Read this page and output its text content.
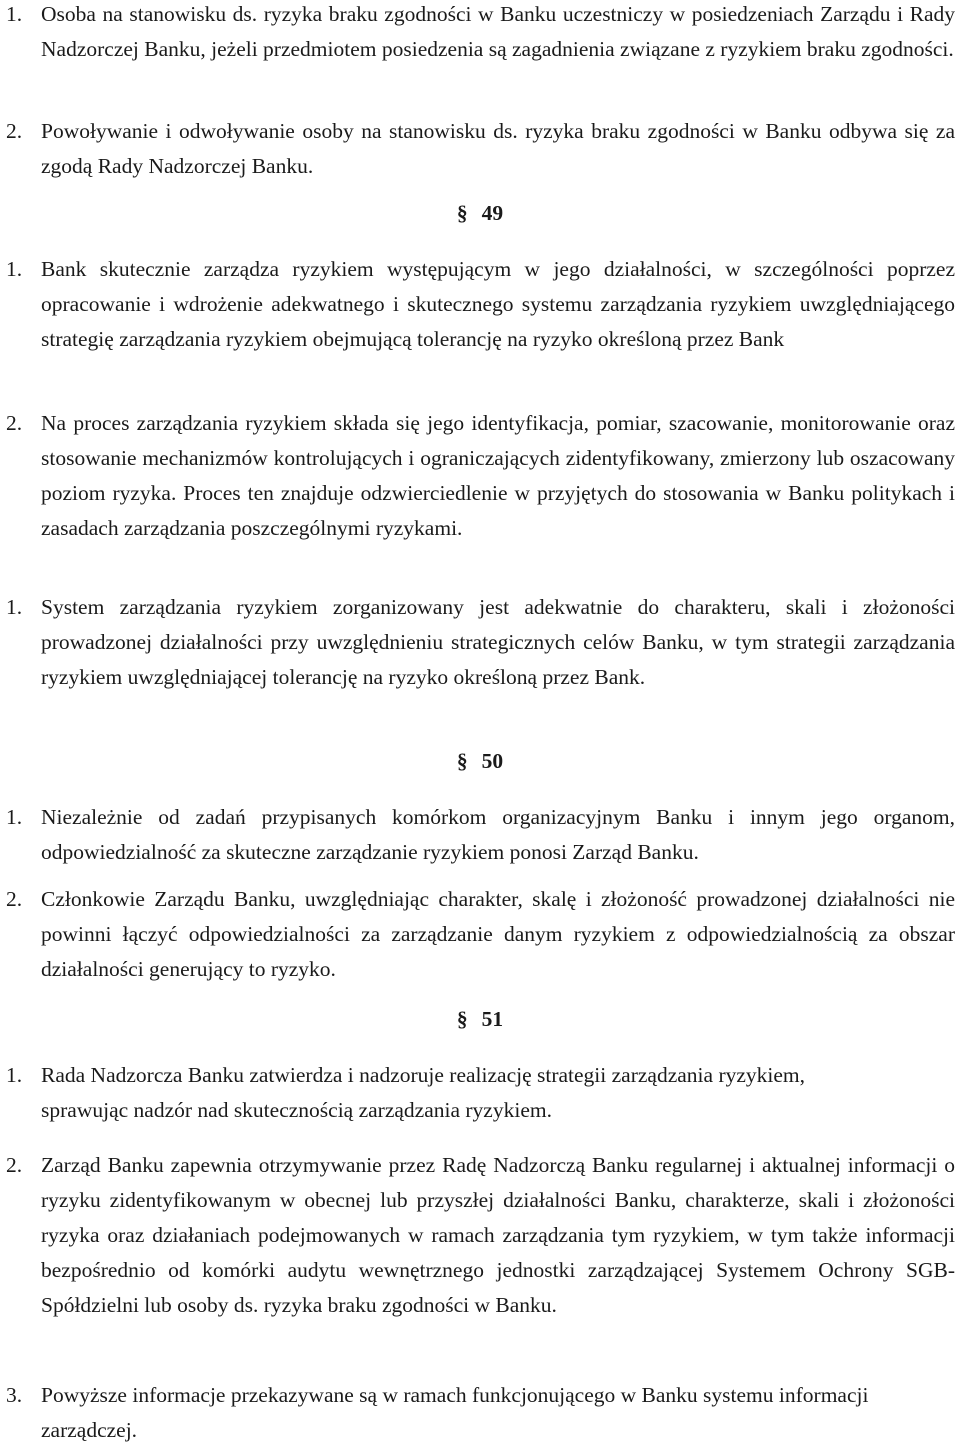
1. Osoba na stanowisku ds. ryzyka braku zgodności w Banku uczestniczy w posiedzeniach Zarządu i Rady Nadzorczej Banku, jeżeli przedmiotem posiedzenia są zagadnienia związane z ryzykiem braku zgodności.
2. Powoływanie i odwoływanie osoby na stanowisku ds. ryzyka braku zgodności w Banku odbywa się za zgodą Rady Nadzorczej Banku.
§ 49
1. Bank skutecznie zarządza ryzykiem występującym w jego działalności, w szczególności poprzez opracowanie i wdrożenie adekwatnego i skutecznego systemu zarządzania ryzykiem uwzględniającego strategię zarządzania ryzykiem obejmującą tolerancję na ryzyko określoną przez Bank
2. Na proces zarządzania ryzykiem składa się jego identyfikacja, pomiar, szacowanie, monitorowanie oraz stosowanie mechanizmów kontrolujących i ograniczających zidentyfikowany, zmierzony lub oszacowany poziom ryzyka. Proces ten znajduje odzwierciedlenie w przyjętych do stosowania w Banku politykach i zasadach zarządzania poszczególnymi ryzykami.
1. System zarządzania ryzykiem zorganizowany jest adekwatnie do charakteru, skali i złożoności prowadzonej działalności przy uwzględnieniu strategicznych celów Banku, w tym strategii zarządzania ryzykiem uwzględniającej tolerancję na ryzyko określoną przez Bank.
§ 50
1. Niezależnie od zadań przypisanych komórkom organizacyjnym Banku i innym jego organom, odpowiedzialność za skuteczne zarządzanie ryzykiem ponosi Zarząd Banku.
2. Członkowie Zarządu Banku, uwzględniając charakter, skalę i złożoność prowadzonej działalności nie powinni łączyć odpowiedzialności za zarządzanie danym ryzykiem z odpowiedzialnością za obszar działalności generujący to ryzyko.
§ 51
1. Rada Nadzorcza Banku zatwierdza i nadzoruje realizację strategii zarządzania ryzykiem, sprawując nadzór nad skutecznością zarządzania ryzykiem.
2. Zarząd Banku zapewnia otrzymywanie przez Radę Nadzorczą Banku regularnej i aktualnej informacji o ryzyku zidentyfikowanym w obecnej lub przyszłej działalności Banku, charakterze, skali i złożoności ryzyka oraz działaniach podejmowanych w ramach zarządzania tym ryzykiem, w tym także informacji bezpośrednio od komórki audytu wewnętrznego jednostki zarządzającej Systemem Ochrony SGB-Spółdzielni lub osoby ds. ryzyka braku zgodności w Banku.
3. Powyższe informacje przekazywane są w ramach funkcjonującego w Banku systemu informacji zarządczej.
